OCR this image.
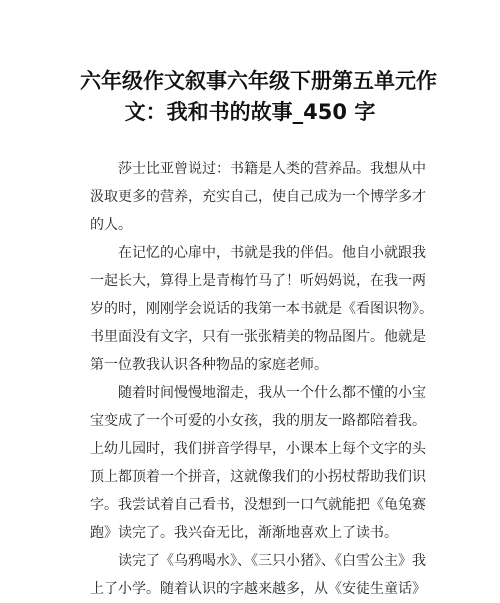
六年级作文叙事六年级下册第五单元作
文：我和书的故事_450 字
莎士比亚曾说过：书籍是人类的营养品。我想从中
汲取更多的营养，充实自己，使自己成为一个博学多才
的人。
在记忆的心扉中，书就是我的伴侣。他自小就跟我
一起长大，算得上是青梅竹马了！听妈妈说，在我一两
岁的时，刚刚学会说话的我第一本书就是《看图识物》。
书里面没有文字，只有一张张精美的物品图片。他就是
第一位教我认识各种物品的家庭老师。
随着时间慢慢地溜走，我从一个什么都不懂的小宝
宝变成了一个可爱的小女孩，我的朋友一路都陪着我。
上幼儿园时，我们拼音学得早，小课本上每个文字的头
顶上都顶着一个拼音，这就像我们的小拐杖帮助我们识
字。我尝试着自己看书，没想到一口气就能把《龟兔赛
跑》读完了。我兴奋无比，渐渐地喜欢上了读书。
读完了《乌鸦喝水》、《三只小猪》、《白雪公主》我
上了小学。随着认识的字越来越多，从《安徒生童话》
